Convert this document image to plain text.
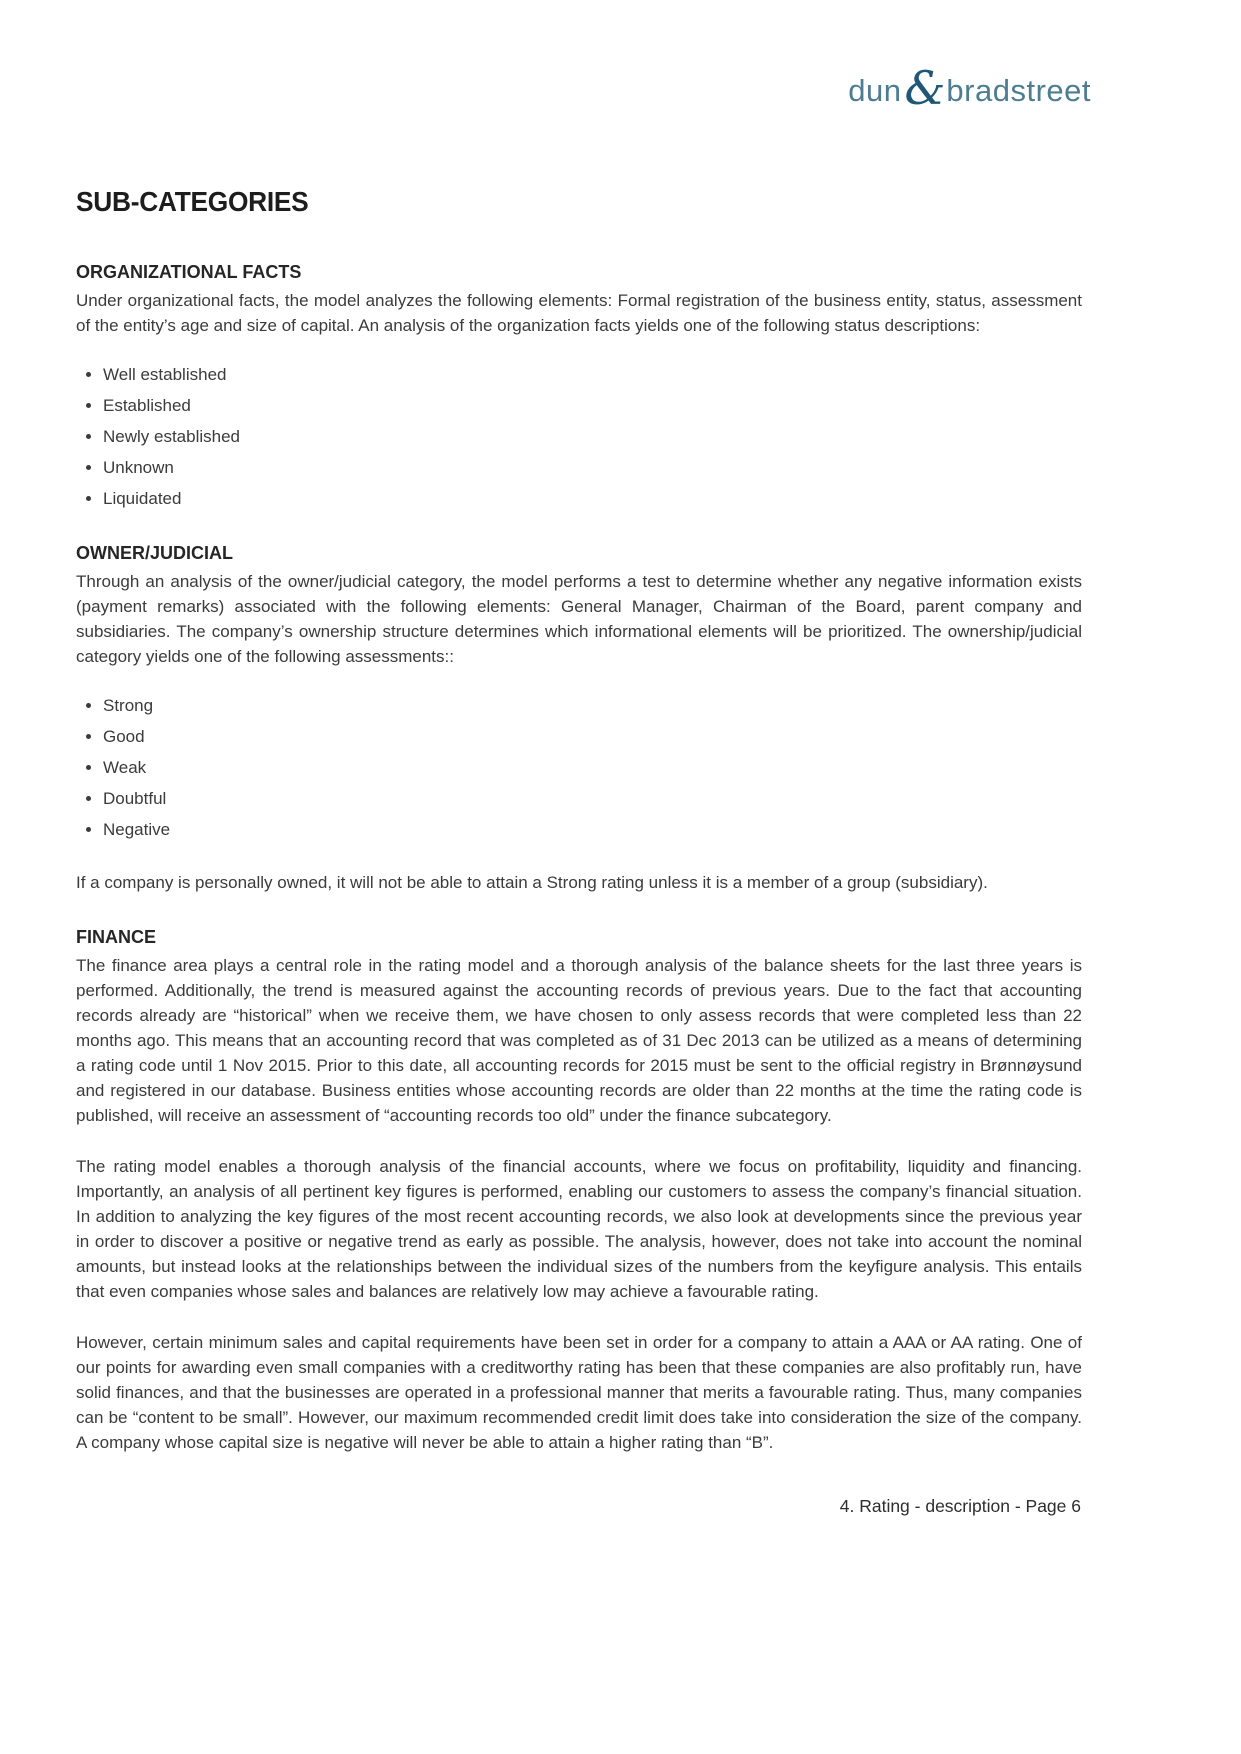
dun & bradstreet
SUB-CATEGORIES
ORGANIZATIONAL FACTS

Under organizational facts, the model analyzes the following elements: Formal registration of the business entity, status, assessment of the entity’s age and size of capital. An analysis of the organization facts yields one of the following status descriptions:

• Well established
• Established
• Newly established
• Unknown
• Liquidated
OWNER/JUDICIAL

Through an analysis of the owner/judicial category, the model performs a test to determine whether any negative information exists (payment remarks) associated with the following elements: General Manager, Chairman of the Board, parent company and subsidiaries. The company’s ownership structure determines which informational elements will be prioritized. The ownership/judicial category yields one of the following assessments::

• Strong
• Good
• Weak
• Doubtful
• Negative

If a company is personally owned, it will not be able to attain a Strong rating unless it is a member of a group (subsidiary).

FINANCE

The finance area plays a central role in the rating model and a thorough analysis of the balance sheets for the last three years is performed. Additionally, the trend is measured against the accounting records of previous years. Due to the fact that accounting records already are “historical” when we receive them, we have chosen to only assess records that were completed less than 22 months ago. This means that an accounting record that was completed as of 31 Dec 2013 can be utilized as a means of determining a rating code until 1 Nov 2015. Prior to this date, all accounting records for 2015 must be sent to the official registry in Brønnøysund and registered in our database. Business entities whose accounting records are older than 22 months at the time the rating code is published, will receive an assessment of “accounting records too old” under the finance subcategory.

The rating model enables a thorough analysis of the financial accounts, where we focus on profitability, liquidity and financing. Importantly, an analysis of all pertinent key figures is performed, enabling our customers to assess the company’s financial situation. In addition to analyzing the key figures of the most recent accounting records, we also look at developments since the previous year in order to discover a positive or negative trend as early as possible. The analysis, however, does not take into account the nominal amounts, but instead looks at the relationships between the individual sizes of the numbers from the keyfigure analysis. This entails that even companies whose sales and balances are relatively low may achieve a favourable rating.

However, certain minimum sales and capital requirements have been set in order for a company to attain a AAA or AA rating. One of our points for awarding even small companies with a creditworthy rating has been that these companies are also profitably run, have solid finances, and that the businesses are operated in a professional manner that merits a favourable rating. Thus, many companies can be “content to be small”. However, our maximum recommended credit limit does take into consideration the size of the company. A company whose capital size is negative will never be able to attain a higher rating than “B”.

4. Rating - description - Page 6
